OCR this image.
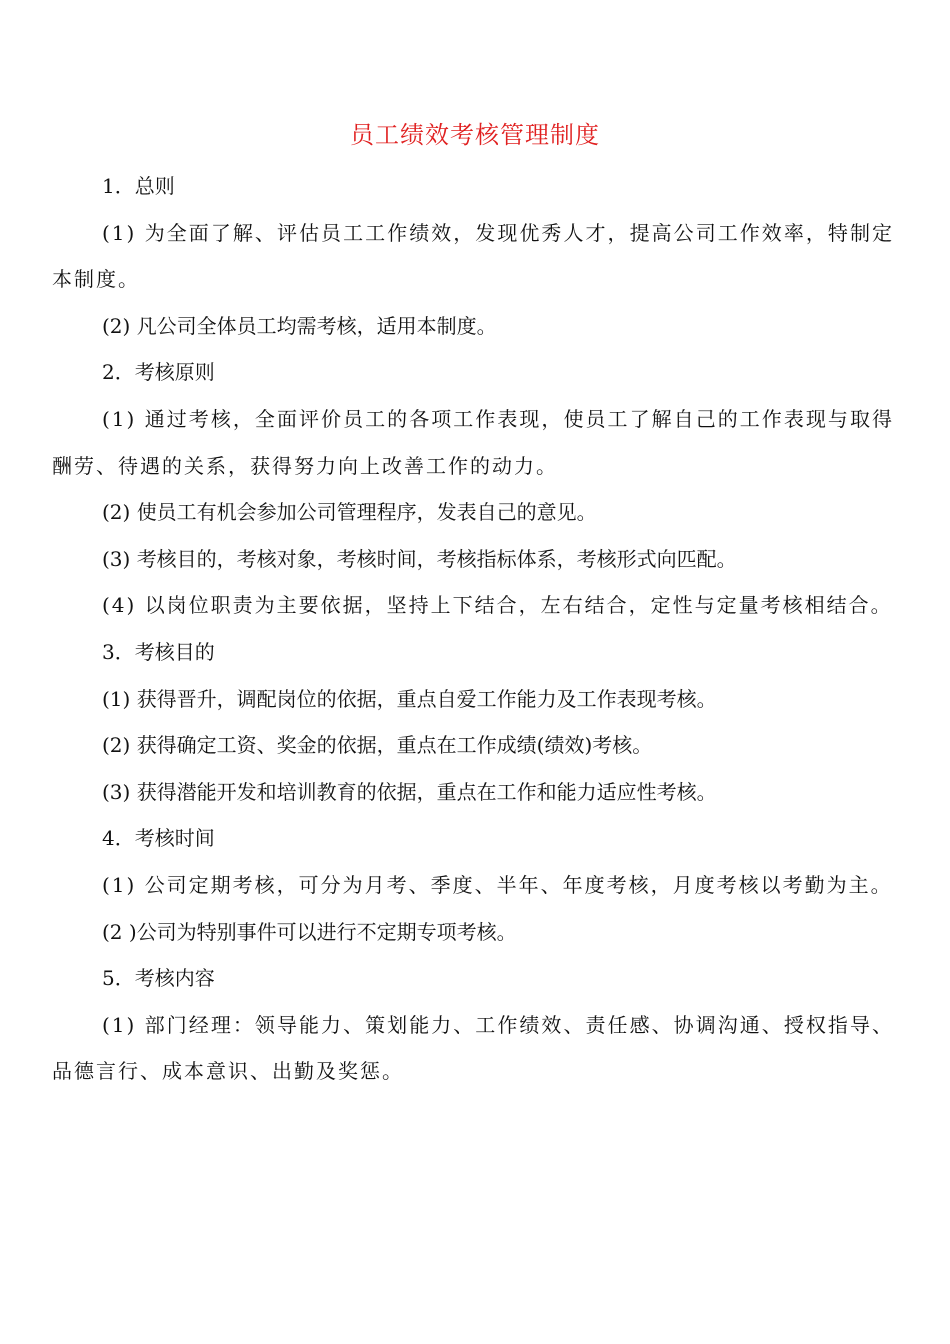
员工绩效考核管理制度

1．总则

(1) 为全面了解、评估员工工作绩效，发现优秀人才，提高公司工作效率，特制定本制度。

(2) 凡公司全体员工均需考核，适用本制度。

2．考核原则

(1) 通过考核，全面评价员工的各项工作表现，使员工了解自己的工作表现与取得酬劳、待遇的关系，获得努力向上改善工作的动力。

(2) 使员工有机会参加公司管理程序，发表自己的意见。

(3) 考核目的，考核对象，考核时间，考核指标体系，考核形式向匹配。

(4) 以岗位职责为主要依据，坚持上下结合，左右结合，定性与定量考核相结合。

3．考核目的

(1) 获得晋升，调配岗位的依据，重点自爱工作能力及工作表现考核。

(2) 获得确定工资、奖金的依据，重点在工作成绩(绩效)考核。

(3) 获得潜能开发和培训教育的依据，重点在工作和能力适应性考核。

4．考核时间

(1) 公司定期考核，可分为月考、季度、半年、年度考核，月度考核以考勤为主。

(2 )公司为特别事件可以进行不定期专项考核。

5．考核内容

(1) 部门经理：领导能力、策划能力、工作绩效、责任感、协调沟通、授权指导、品德言行、成本意识、出勤及奖惩。
